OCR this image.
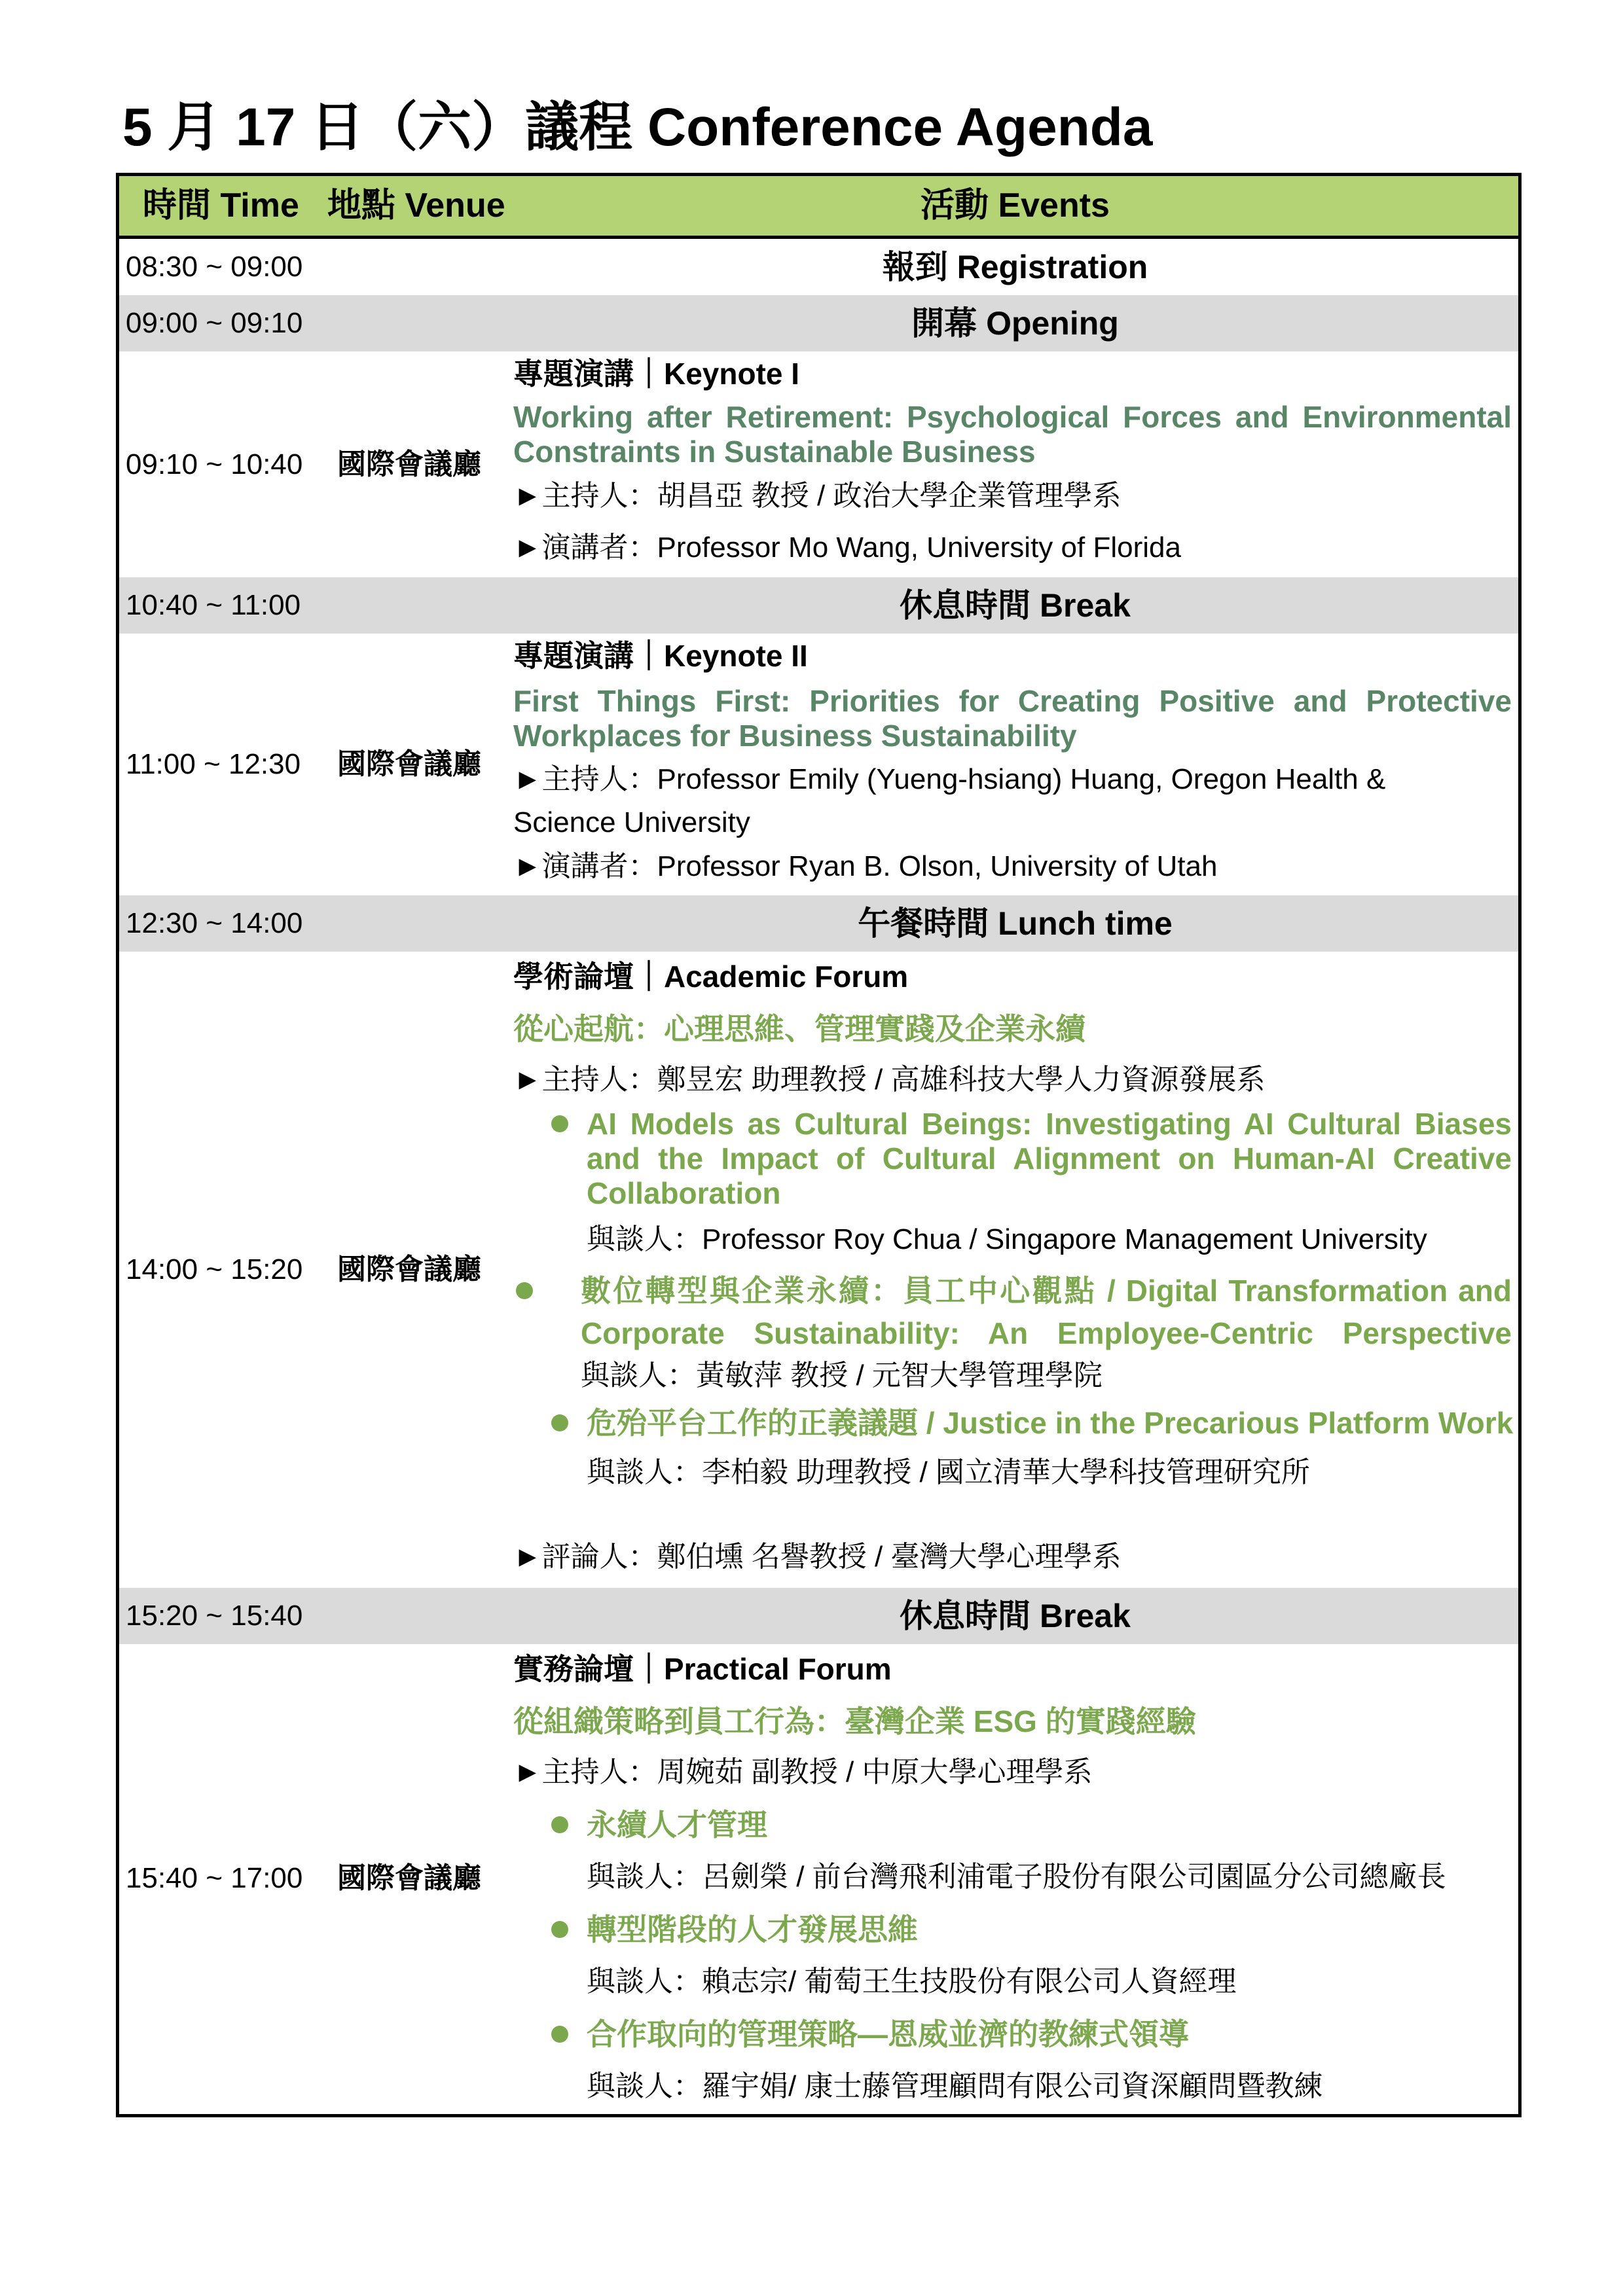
5 月 17 日（六）議程 Conference Agenda
時間 Time 地點 Venue	活動 Events
08:30 ~ 09:00	報到 Registration
09:00 ~ 09:10	開幕 Opening
09:10 ~ 10:40 國際會議廳
專題演講｜Keynote I
Working after Retirement: Psychological Forces and Environmental
Constraints in Sustainable Business
►主持人：胡昌亞 教授 / 政治大學企業管理學系
►演講者：Professor Mo Wang, University of Florida
10:40 ~ 11:00	休息時間 Break
11:00 ~ 12:30 國際會議廳
專題演講｜Keynote II
First Things First: Priorities for Creating Positive and Protective
Workplaces for Business Sustainability
►主持人：Professor Emily (Yueng-hsiang) Huang, Oregon Health &
Science University
►演講者：Professor Ryan B. Olson, University of Utah
12:30 ~ 14:00	午餐時間 Lunch time
14:00 ~ 15:20 國際會議廳
學術論壇｜Academic Forum
從心起航：心理思維、管理實踐及企業永續
►主持人：鄭昱宏 助理教授 / 高雄科技大學人力資源發展系
AI Models as Cultural Beings: Investigating AI Cultural Biases
and the Impact of Cultural Alignment on Human-AI Creative
Collaboration
與談人：Professor Roy Chua / Singapore Management University
數位轉型與企業永續：員工中心觀點 / Digital Transformation and
Corporate Sustainability: An Employee-Centric Perspective
與談人：黃敏萍 教授 / 元智大學管理學院
危殆平台工作的正義議題 / Justice in the Precarious Platform Work
與談人：李柏毅 助理教授 / 國立清華大學科技管理研究所
►評論人：鄭伯壎 名譽教授 / 臺灣大學心理學系
15:20 ~ 15:40	休息時間 Break
15:40 ~ 17:00 國際會議廳
實務論壇｜Practical Forum
從組織策略到員工行為：臺灣企業 ESG 的實踐經驗
►主持人：周婉茹 副教授 / 中原大學心理學系
永續人才管理
與談人：呂劍榮 / 前台灣飛利浦電子股份有限公司園區分公司總廠長
轉型階段的人才發展思維
與談人：賴志宗/ 葡萄王生技股份有限公司人資經理
合作取向的管理策略—恩威並濟的教練式領導
與談人：羅宇娟/ 康士藤管理顧問有限公司資深顧問暨教練
